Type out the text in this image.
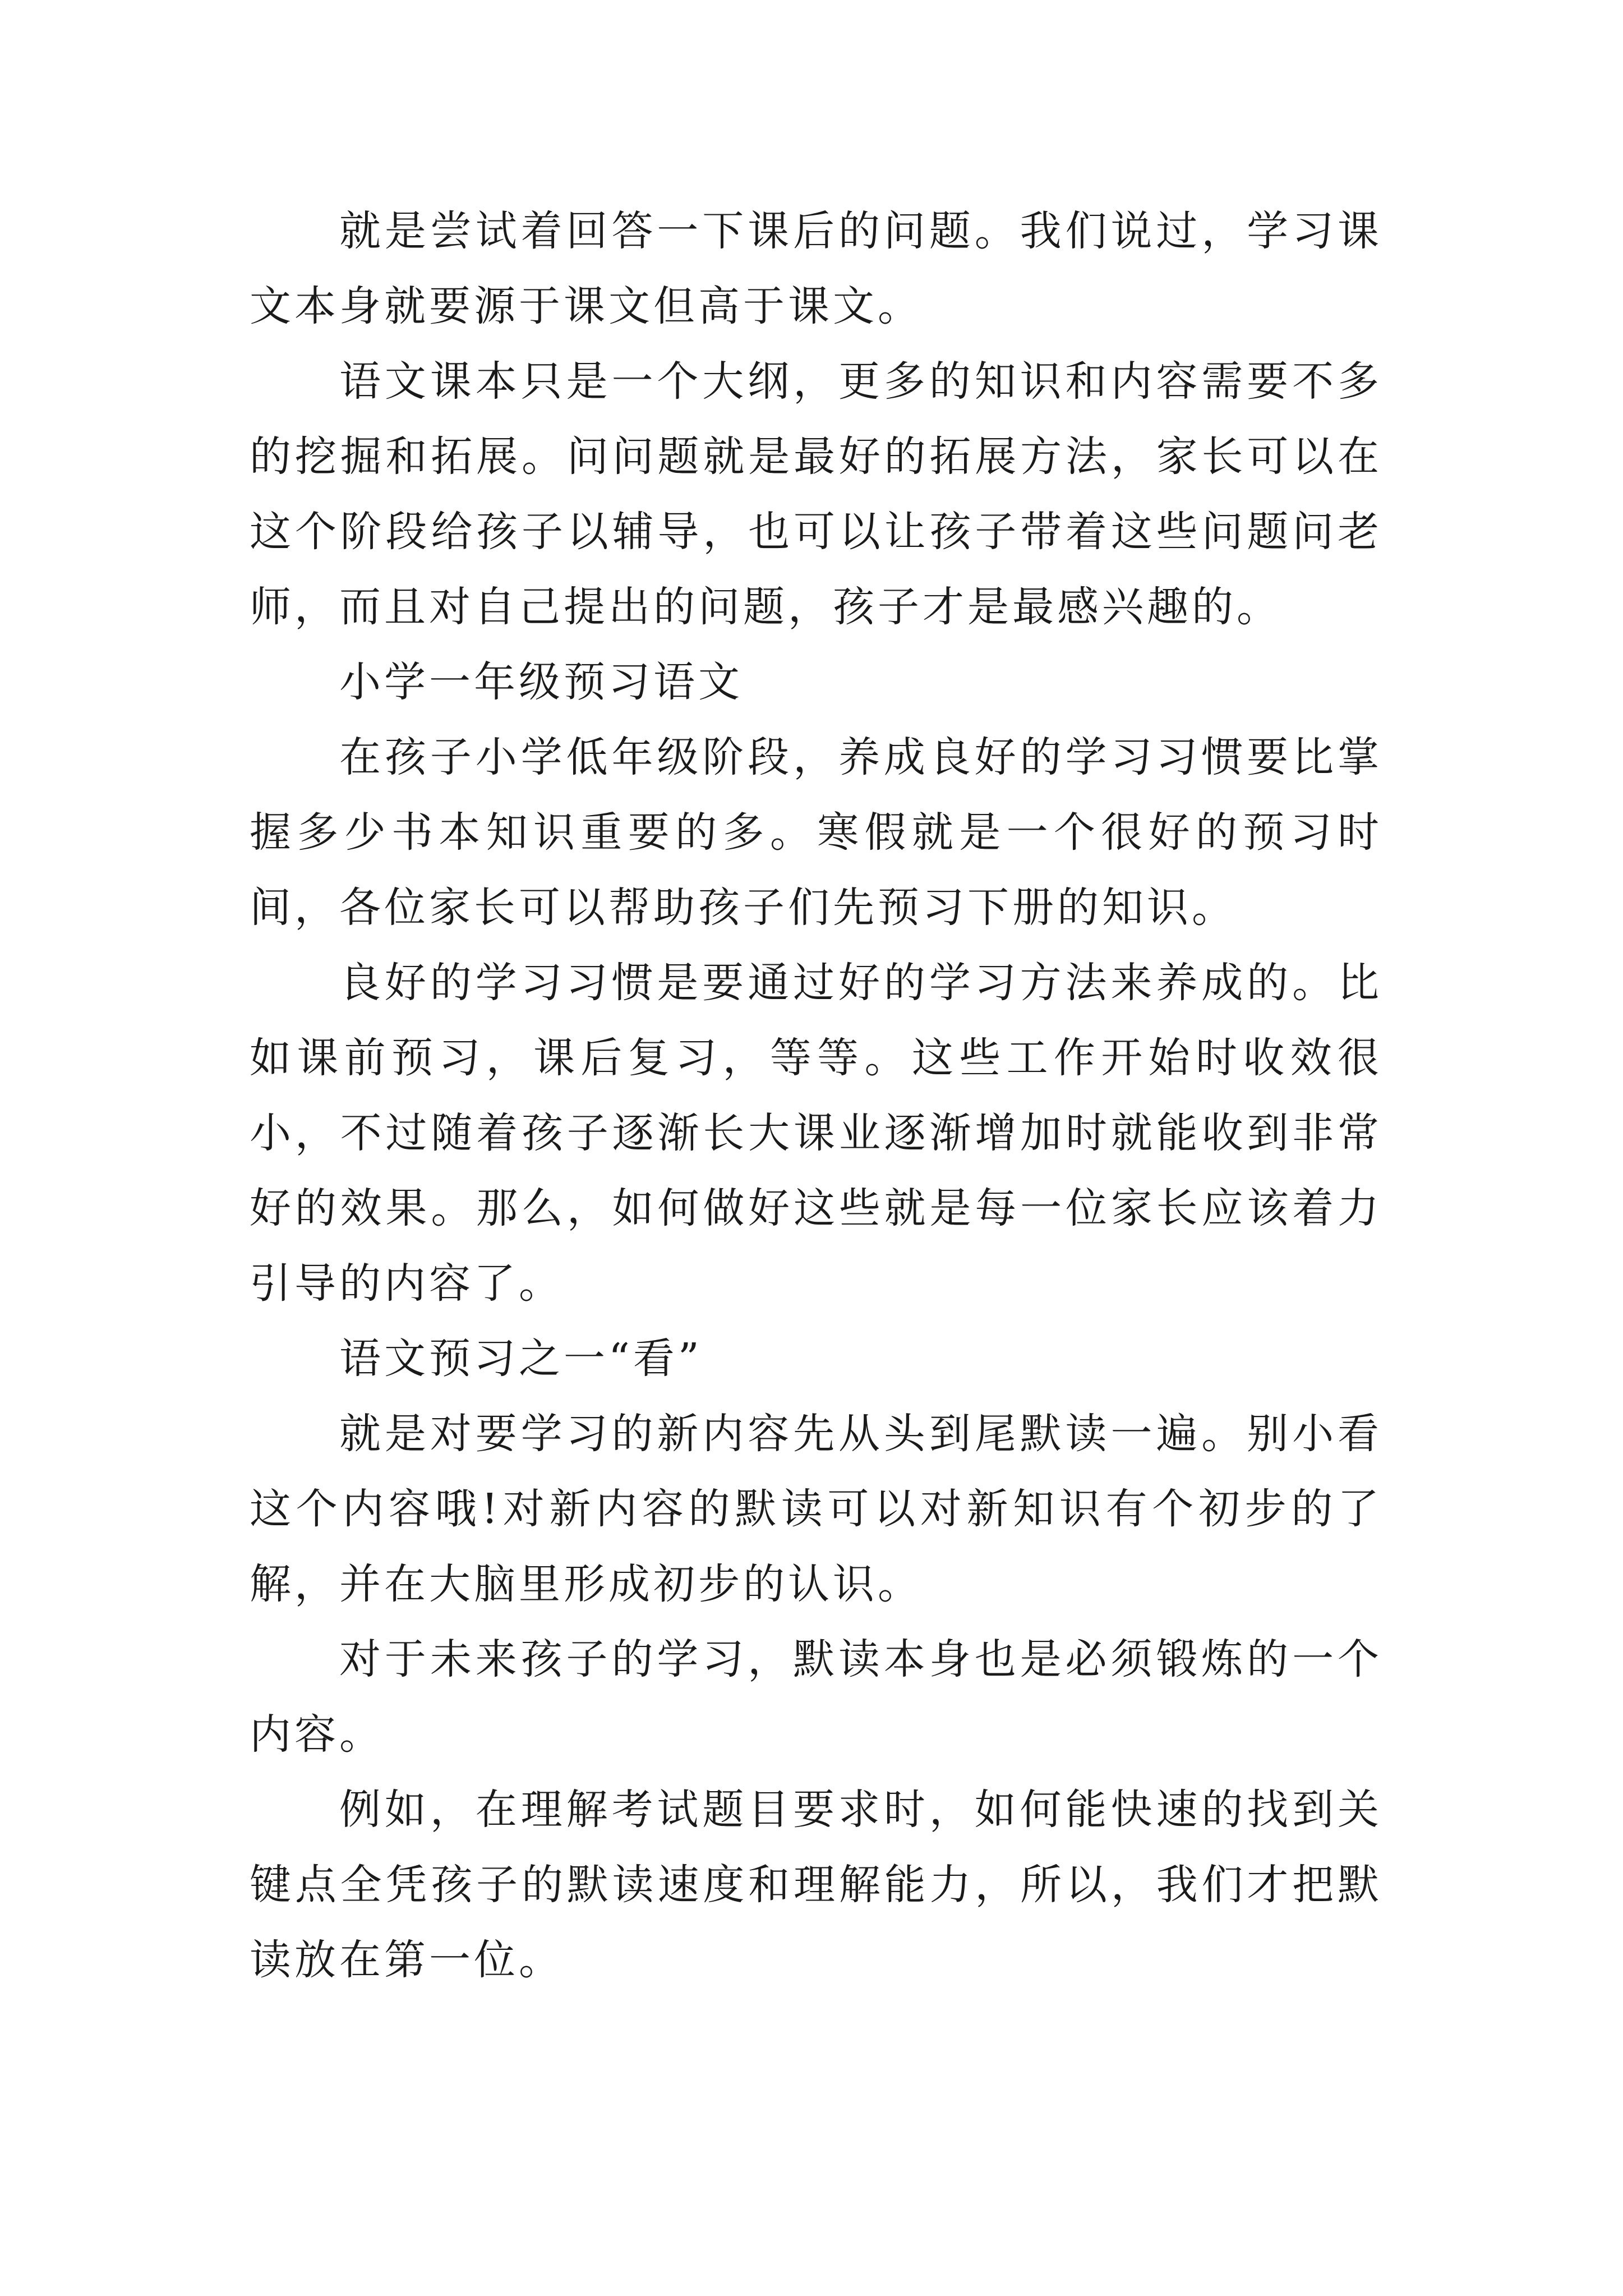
就是尝试着回答一下课后的问题。我们说过，学习课文本身就要源于课文但高于课文。

语文课本只是一个大纲，更多的知识和内容需要不多的挖掘和拓展。问问题就是最好的拓展方法，家长可以在这个阶段给孩子以辅导，也可以让孩子带着这些问题问老师，而且对自己提出的问题，孩子才是最感兴趣的。

小学一年级预习语文

在孩子小学低年级阶段，养成良好的学习习惯要比掌握多少书本知识重要的多。寒假就是一个很好的预习时间，各位家长可以帮助孩子们先预习下册的知识。

良好的学习习惯是要通过好的学习方法来养成的。比如课前预习，课后复习，等等。这些工作开始时收效很小，不过随着孩子逐渐长大课业逐渐增加时就能收到非常好的效果。那么，如何做好这些就是每一位家长应该着力引导的内容了。

语文预习之一“看”

就是对要学习的新内容先从头到尾默读一遍。别小看这个内容哦!对新内容的默读可以对新知识有个初步的了解，并在大脑里形成初步的认识。

对于未来孩子的学习，默读本身也是必须锻炼的一个内容。

例如，在理解考试题目要求时，如何能快速的找到关键点全凭孩子的默读速度和理解能力，所以，我们才把默读放在第一位。
